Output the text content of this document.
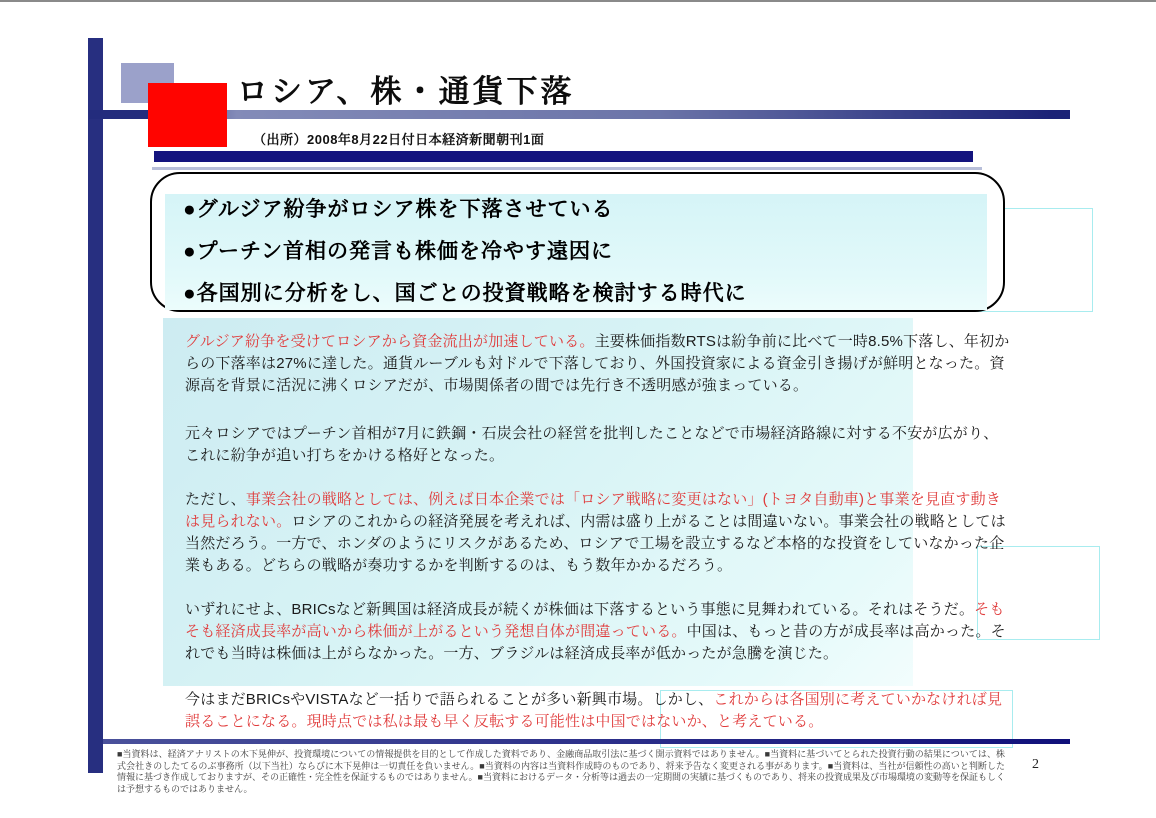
ロシア、株・通貨下落
（出所）2008年8月22日付日本経済新聞朝刊1面
●グルジア紛争がロシア株を下落させている
●プーチン首相の発言も株価を冷やす遠因に
●各国別に分析をし、国ごとの投資戦略を検討する時代に
グルジア紛争を受けてロシアから資金流出が加速している。主要株価指数RTSは紛争前に比べて一時8.5%下落し、年初からの下落率は27%に達した。通貨ルーブルも対ドルで下落しており、外国投資家による資金引き揚げが鮮明となった。資源高を背景に活況に沸くロシアだが、市場関係者の間では先行き不透明感が強まっている。
元々ロシアではプーチン首相が7月に鉄鋼・石炭会社の経営を批判したことなどで市場経済路線に対する不安が広がり、これに紛争が追い打ちをかける格好となった。
ただし、事業会社の戦略としては、例えば日本企業では「ロシア戦略に変更はない」(トヨタ自動車)と事業を見直す動きは見られない。ロシアのこれからの経済発展を考えれば、内需は盛り上がることは間違いない。事業会社の戦略としては当然だろう。一方で、ホンダのようにリスクがあるため、ロシアで工場を設立するなど本格的な投資をしていなかった企業もある。どちらの戦略が奏功するかを判断するのは、もう数年かかるだろう。
いずれにせよ、BRICsなど新興国は経済成長が続くが株価は下落するという事態に見舞われている。それはそうだ。そもそも経済成長率が高いから株価が上がるという発想自体が間違っている。中国は、もっと昔の方が成長率は高かった。それでも当時は株価は上がらなかった。一方、ブラジルは経済成長率が低かったが急騰を演じた。
今はまだBRICsやVISTAなど一括りで語られることが多い新興市場。しかし、これからは各国別に考えていかなければ見誤ることになる。現時点では私は最も早く反転する可能性は中国ではないか、と考えている。
■当資料は、経済アナリストの木下晃伸が、投資環境についての情報提供を目的として作成した資料であり、金融商品取引法に基づく開示資料ではありません。■当資料に基づいてとられた投資行動の結果については、株式会社きのしたてるのぶ事務所（以下当社）ならびに木下晃伸は一切責任を負いません。■当資料の内容は当資料作成時のものであり、将来予告なく変更される事があります。■当資料は、当社が信頼性の高いと判断した情報に基づき作成しておりますが、その正確性・完全性を保証するものではありません。■当資料におけるデータ・分析等は過去の一定期間の実績に基づくものであり、将来の投資成果及び市場環境の変動等を保証もしくは予想するものではありません。
2
